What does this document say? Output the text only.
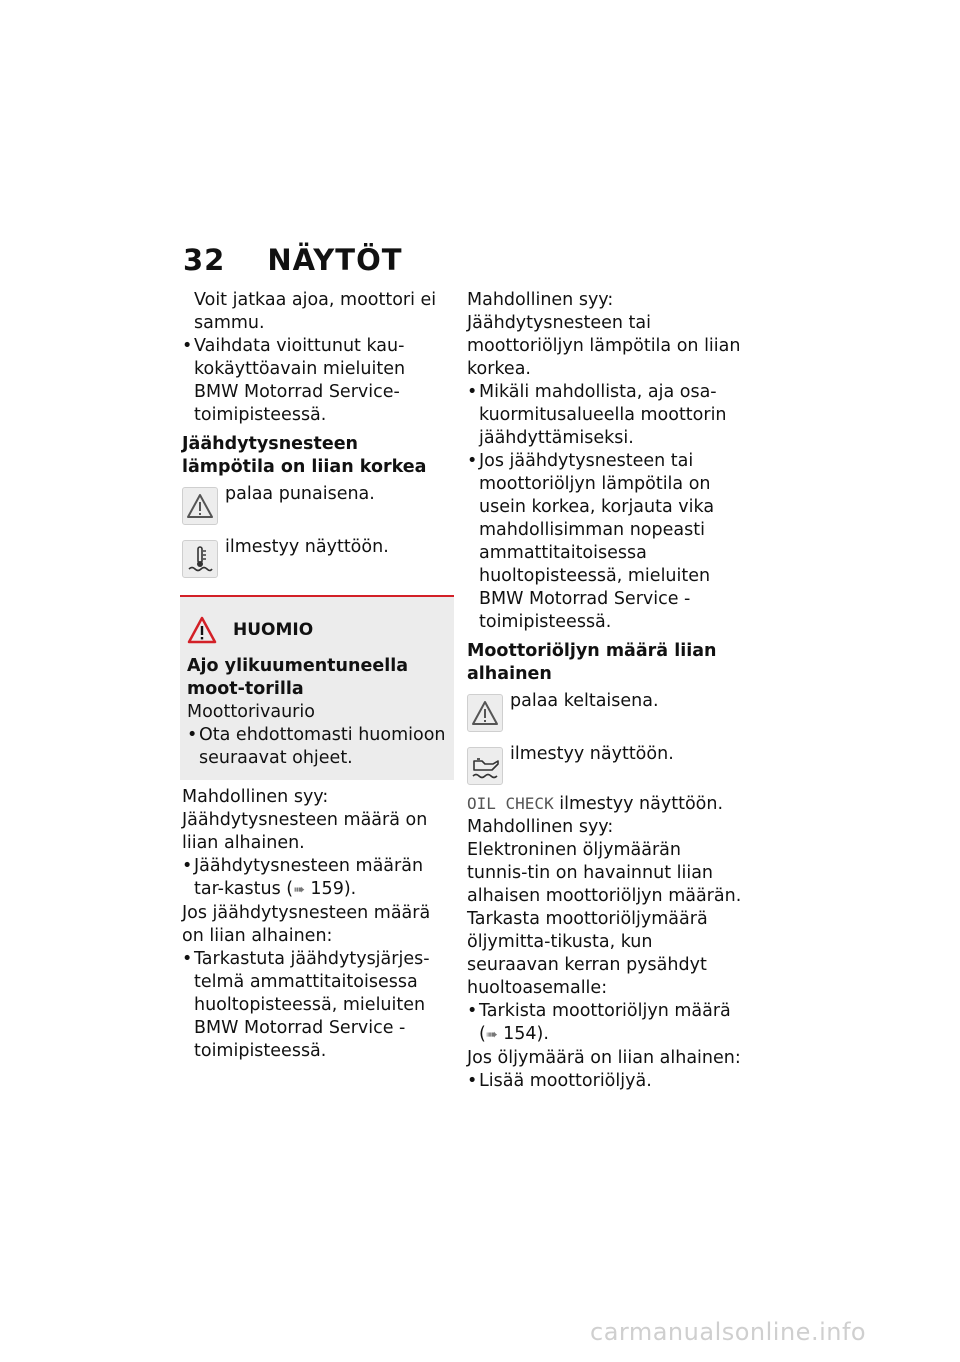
32 NÄYTÖT

Voit jatkaa ajoa, moottori ei sammu.

• Vaihdata vioittunut kau-kokäyttöavain mieluiten BMW Motorrad Service-toimipisteessä.

Jäähdytysnesteen lämpötila on liian korkea

palaa punaisena.
ilmestyy näyttöön.
HUOMIO

Ajo ylikuumentuneella moot-torilla

Moottorivaurio

• Ota ehdottomasti huomioon seuraavat ohjeet.

Mahdollinen syy:

Jäähdytysnesteen määrä on liian alhainen.

• Jäähdytysnesteen määrän tar-kastus (➠ 159).

Jos jäähdytysnesteen määrä on liian alhainen:

• Tarkastuta jäähdytysjärjes-telmä ammattitaitoisessa huoltopisteessä, mieluiten BMW Motorrad Service -toimipisteessä.

Mahdollinen syy:

Jäähdytysnesteen tai moottoriöljyn lämpötila on liian korkea.

• Mikäli mahdollista, aja osa-kuormitusalueella moottorin jäähdyttämiseksi.

• Jos jäähdytysnesteen tai moottoriöljyn lämpötila on usein korkea, korjauta vika mahdollisimman nopeasti ammattitaitoisessa huoltopisteessä, mieluiten BMW Motorrad Service -toimipisteessä.

Moottoriöljyn määrä liian alhainen

palaa keltaisena.
ilmestyy näyttöön.

OIL CHECK ilmestyy näyttöön.

Mahdollinen syy:

Elektroninen öljymäärän tunnis-tin on havainnut liian alhaisen moottoriöljyn määrän. Tarkasta moottoriöljymäärä öljymitta-tikusta, kun seuraavan kerran pysähdyt huoltoasemalle:

• Tarkista moottoriöljyn määrä (➠ 154).

Jos öljymäärä on liian alhainen:

• Lisää moottoriöljyä.

carmanualsonline.info
